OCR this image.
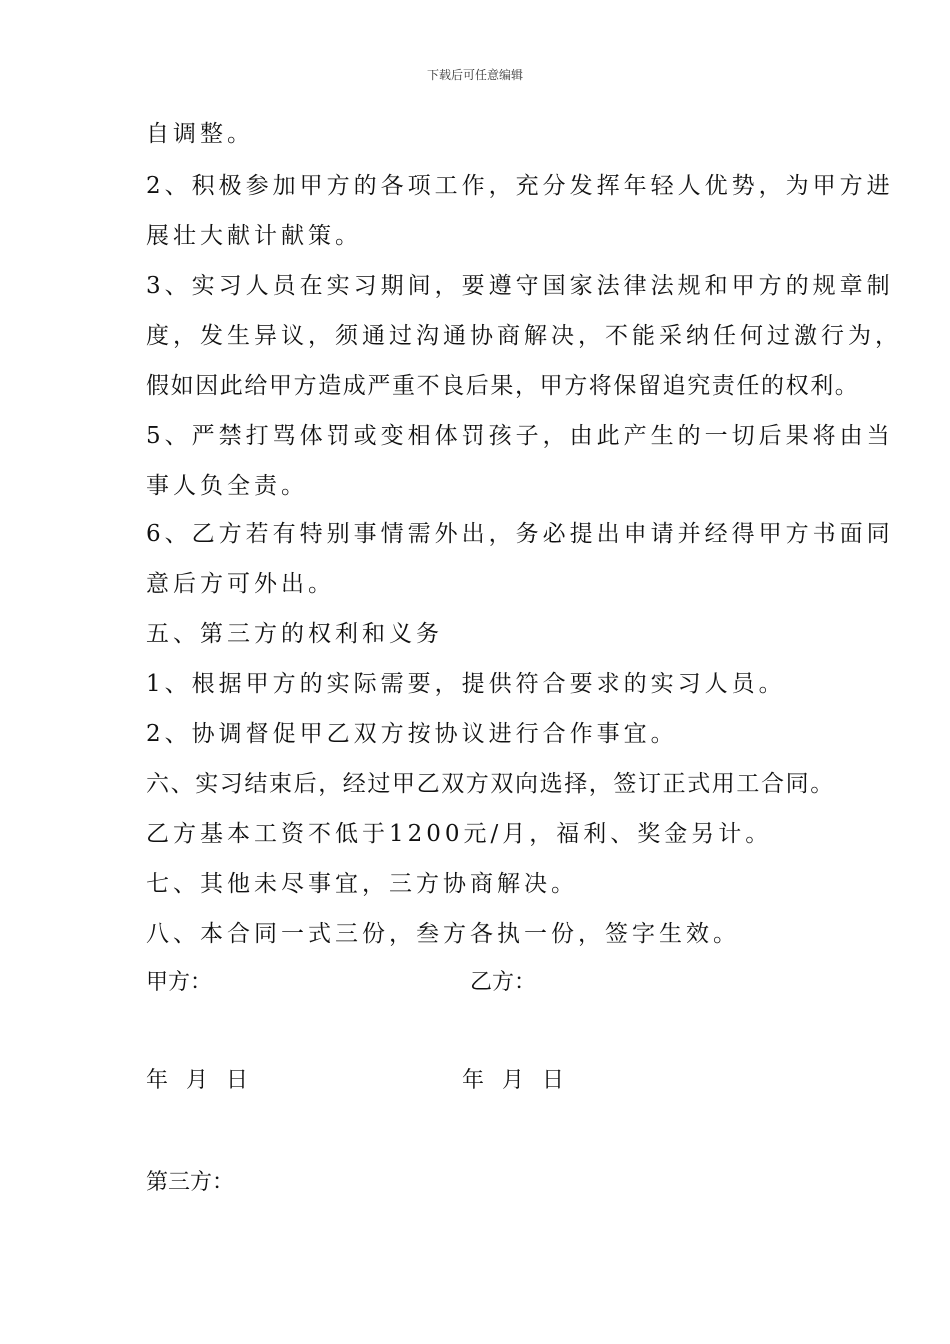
下载后可任意编辑
自调整。
2、积极参加甲方的各项工作，充分发挥年轻人优势，为甲方进
展壮大献计献策。
3、实习人员在实习期间，要遵守国家法律法规和甲方的规章制
度，发生异议，须通过沟通协商解决，不能采纳任何过激行为，
假如因此给甲方造成严重不良后果，甲方将保留追究责任的权利。
5、严禁打骂体罚或变相体罚孩子，由此产生的一切后果将由当
事人负全责。
6、乙方若有特别事情需外出，务必提出申请并经得甲方书面同
意后方可外出。
五、第三方的权利和义务
1、根据甲方的实际需要，提供符合要求的实习人员。
2、协调督促甲乙双方按协议进行合作事宜。
六、实习结束后，经过甲乙双方双向选择，签订正式用工合同。
乙方基本工资不低于1200元/月，福利、奖金另计。
七、其他未尽事宜，三方协商解决。
八、本合同一式三份，叁方各执一份，签字生效。
甲方：	乙方：
年 月 日	年 月 日
第三方：
